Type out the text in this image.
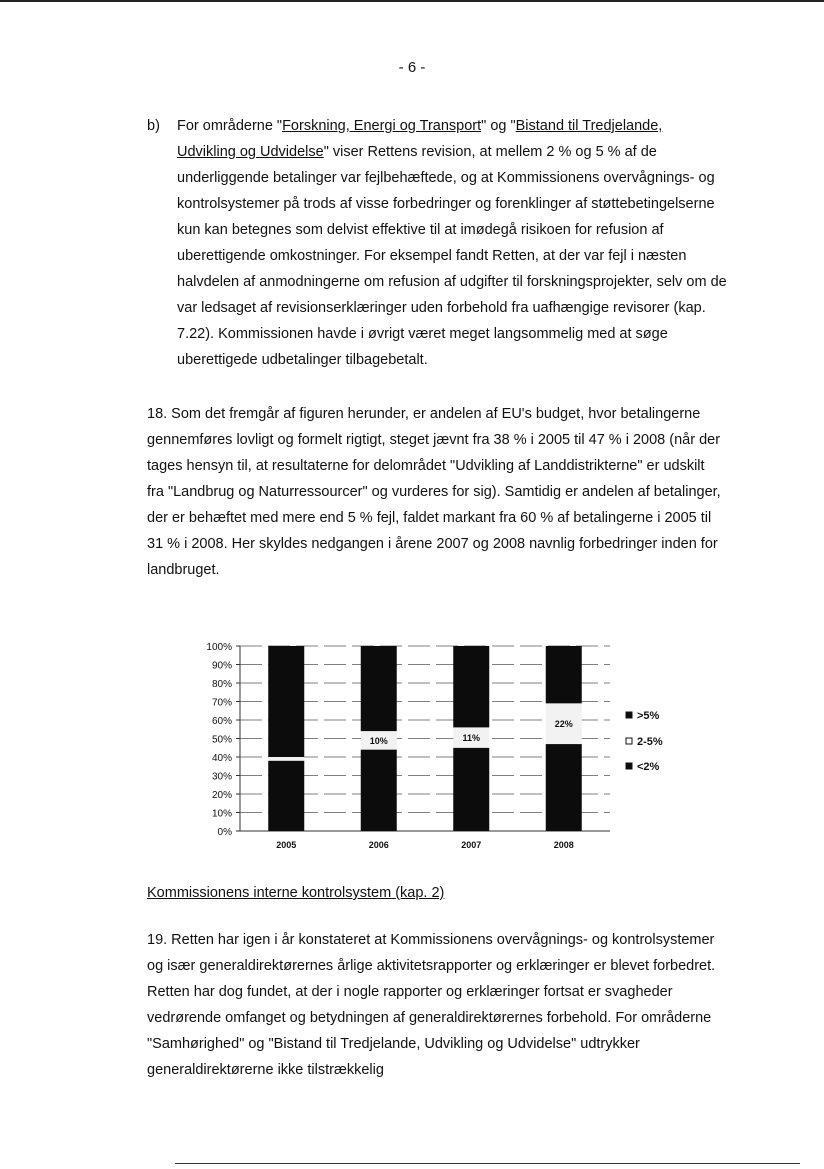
- 6 -
b) For områderne "Forskning, Energi og Transport" og "Bistand til Tredjelande,
Udvikling og Udvidelse" viser Rettens revision, at mellem 2 % og 5 % af de underliggende betalinger var fejlbehæftede, og at Kommissionens overvågnings- og kontrolsystemer på trods af visse forbedringer og forenklinger af støttebetingelserne kun kan betegnes som delvist effektive til at imødegå risikoen for refusion af uberettigende omkostninger. For eksempel fandt Retten, at der var fejl i næsten halvdelen af anmodningerne om refusion af udgifter til forskningsprojekter, selv om de var ledsaget af revisionserklæringer uden forbehold fra uafhængige revisorer (kap. 7.22). Kommissionen havde i øvrigt været meget langsommelig med at søge uberettigede udbetalinger tilbagebetalt.
18. Som det fremgår af figuren herunder, er andelen af EU's budget, hvor betalingerne gennemføres lovligt og formelt rigtigt, steget jævnt fra 38 % i 2005 til 47 % i 2008 (når der tages hensyn til, at resultaterne for delområdet "Udvikling af Landdistrikterne" er udskilt fra "Landbrug og Naturressourcer" og vurderes for sig). Samtidig er andelen af betalinger, der er behæftet med mere end 5 % fejl, faldet markant fra 60 % af betalingerne i 2005 til 31 % i 2008. Her skyldes nedgangen i årene 2007 og 2008 navnlig forbedringer inden for landbruget.
0%
10%
20%
30%
40%
50%
60%
70%
80%
90%
100%
2005
10%
2006
11%
2007
22%
2008
>5%
2-5%
<2%
Kommissionens interne kontrolsystem (kap. 2)
19. Retten har igen i år konstateret at Kommissionens overvågnings- og kontrolsystemer og især generaldirektørernes årlige aktivitetsrapporter og erklæringer er blevet forbedret. Retten har dog fundet, at der i nogle rapporter og erklæringer fortsat er svagheder vedrørende omfanget og betydningen af generaldirektørernes forbehold. For områderne "Samhørighed" og "Bistand til Tredjelande, Udvikling og Udvidelse" udtrykker generaldirektørerne ikke tilstrækkelig
